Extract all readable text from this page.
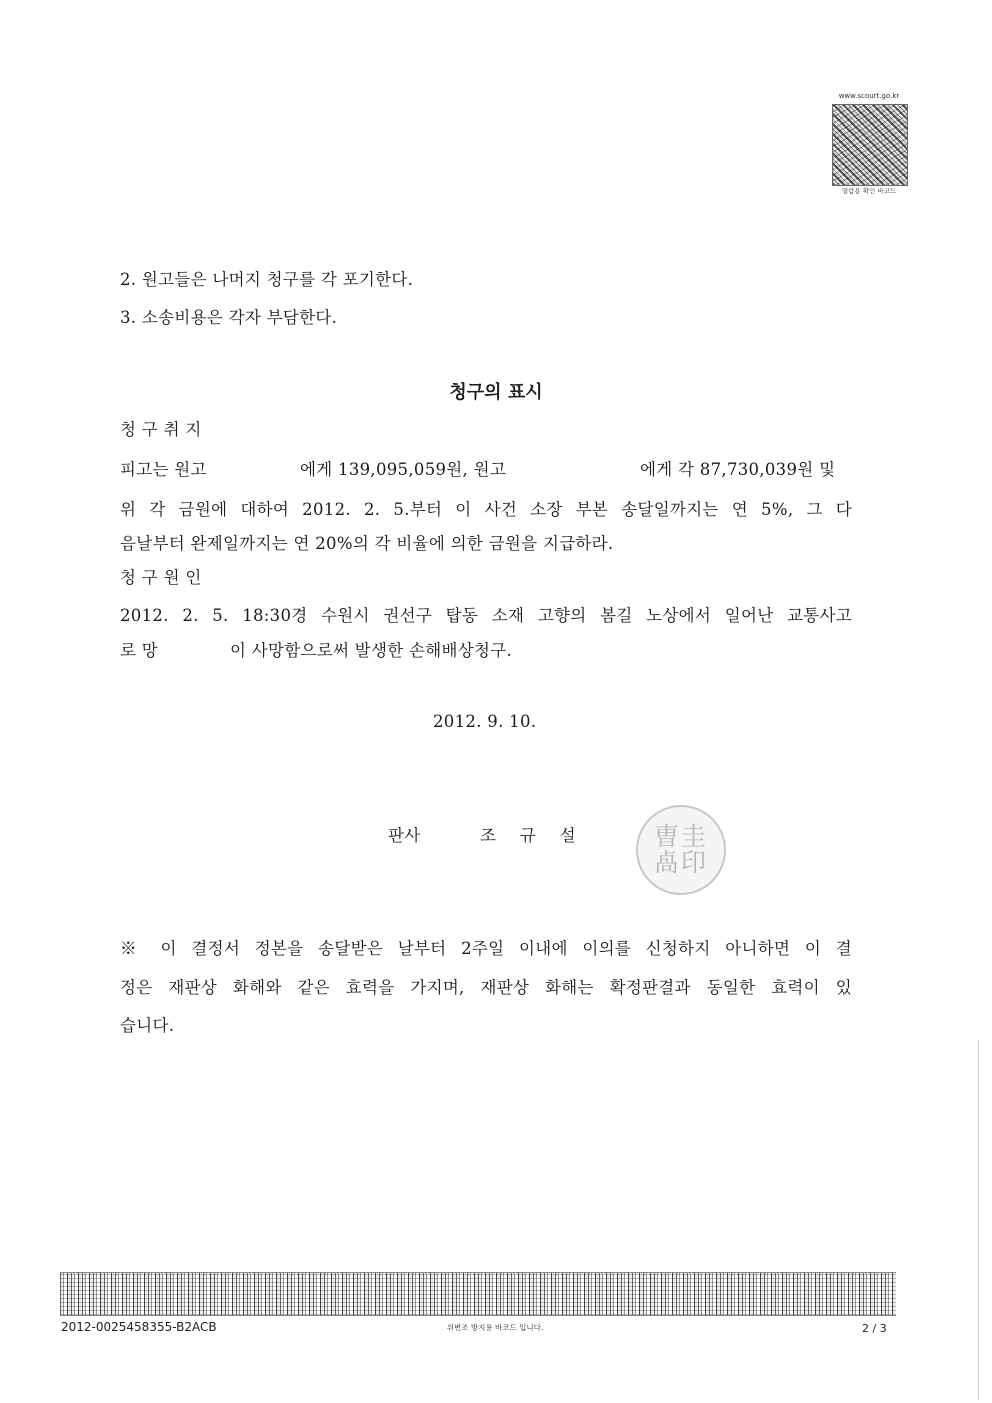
www.scourt.go.kr
열람용 확인 바코드
2. 원고들은 나머지 청구를 각 포기한다.
3. 소송비용은 각자 부담한다.
청구의 표시
청 구 취 지
피고는 원고	에게 139,095,059원, 원고	에게 각 87,730,039원 및
위 각 금원에 대하여 2012. 2. 5.부터 이 사건 소장 부본 송달일까지는 연 5%, 그 다
음날부터 완제일까지는 연 20%의 각 비율에 의한 금원을 지급하라.
청 구 원 인
2012. 2. 5. 18:30경 수원시 권선구 탑동 소재 고향의 봄길 노상에서 일어난 교통사고
로 망	이 사망함으로써 발생한 손해배상청구.
2012. 9. 10.
판사	조 규 설	曺圭卨印
※ 이 결정서 정본을 송달받은 날부터 2주일 이내에 이의를 신청하지 아니하면 이 결
정은 재판상 화해와 같은 효력을 가지며, 재판상 화해는 확정판결과 동일한 효력이 있
습니다.
2012-0025458355-B2ACB	위변조 방지용 바코드 입니다.	2 / 3
